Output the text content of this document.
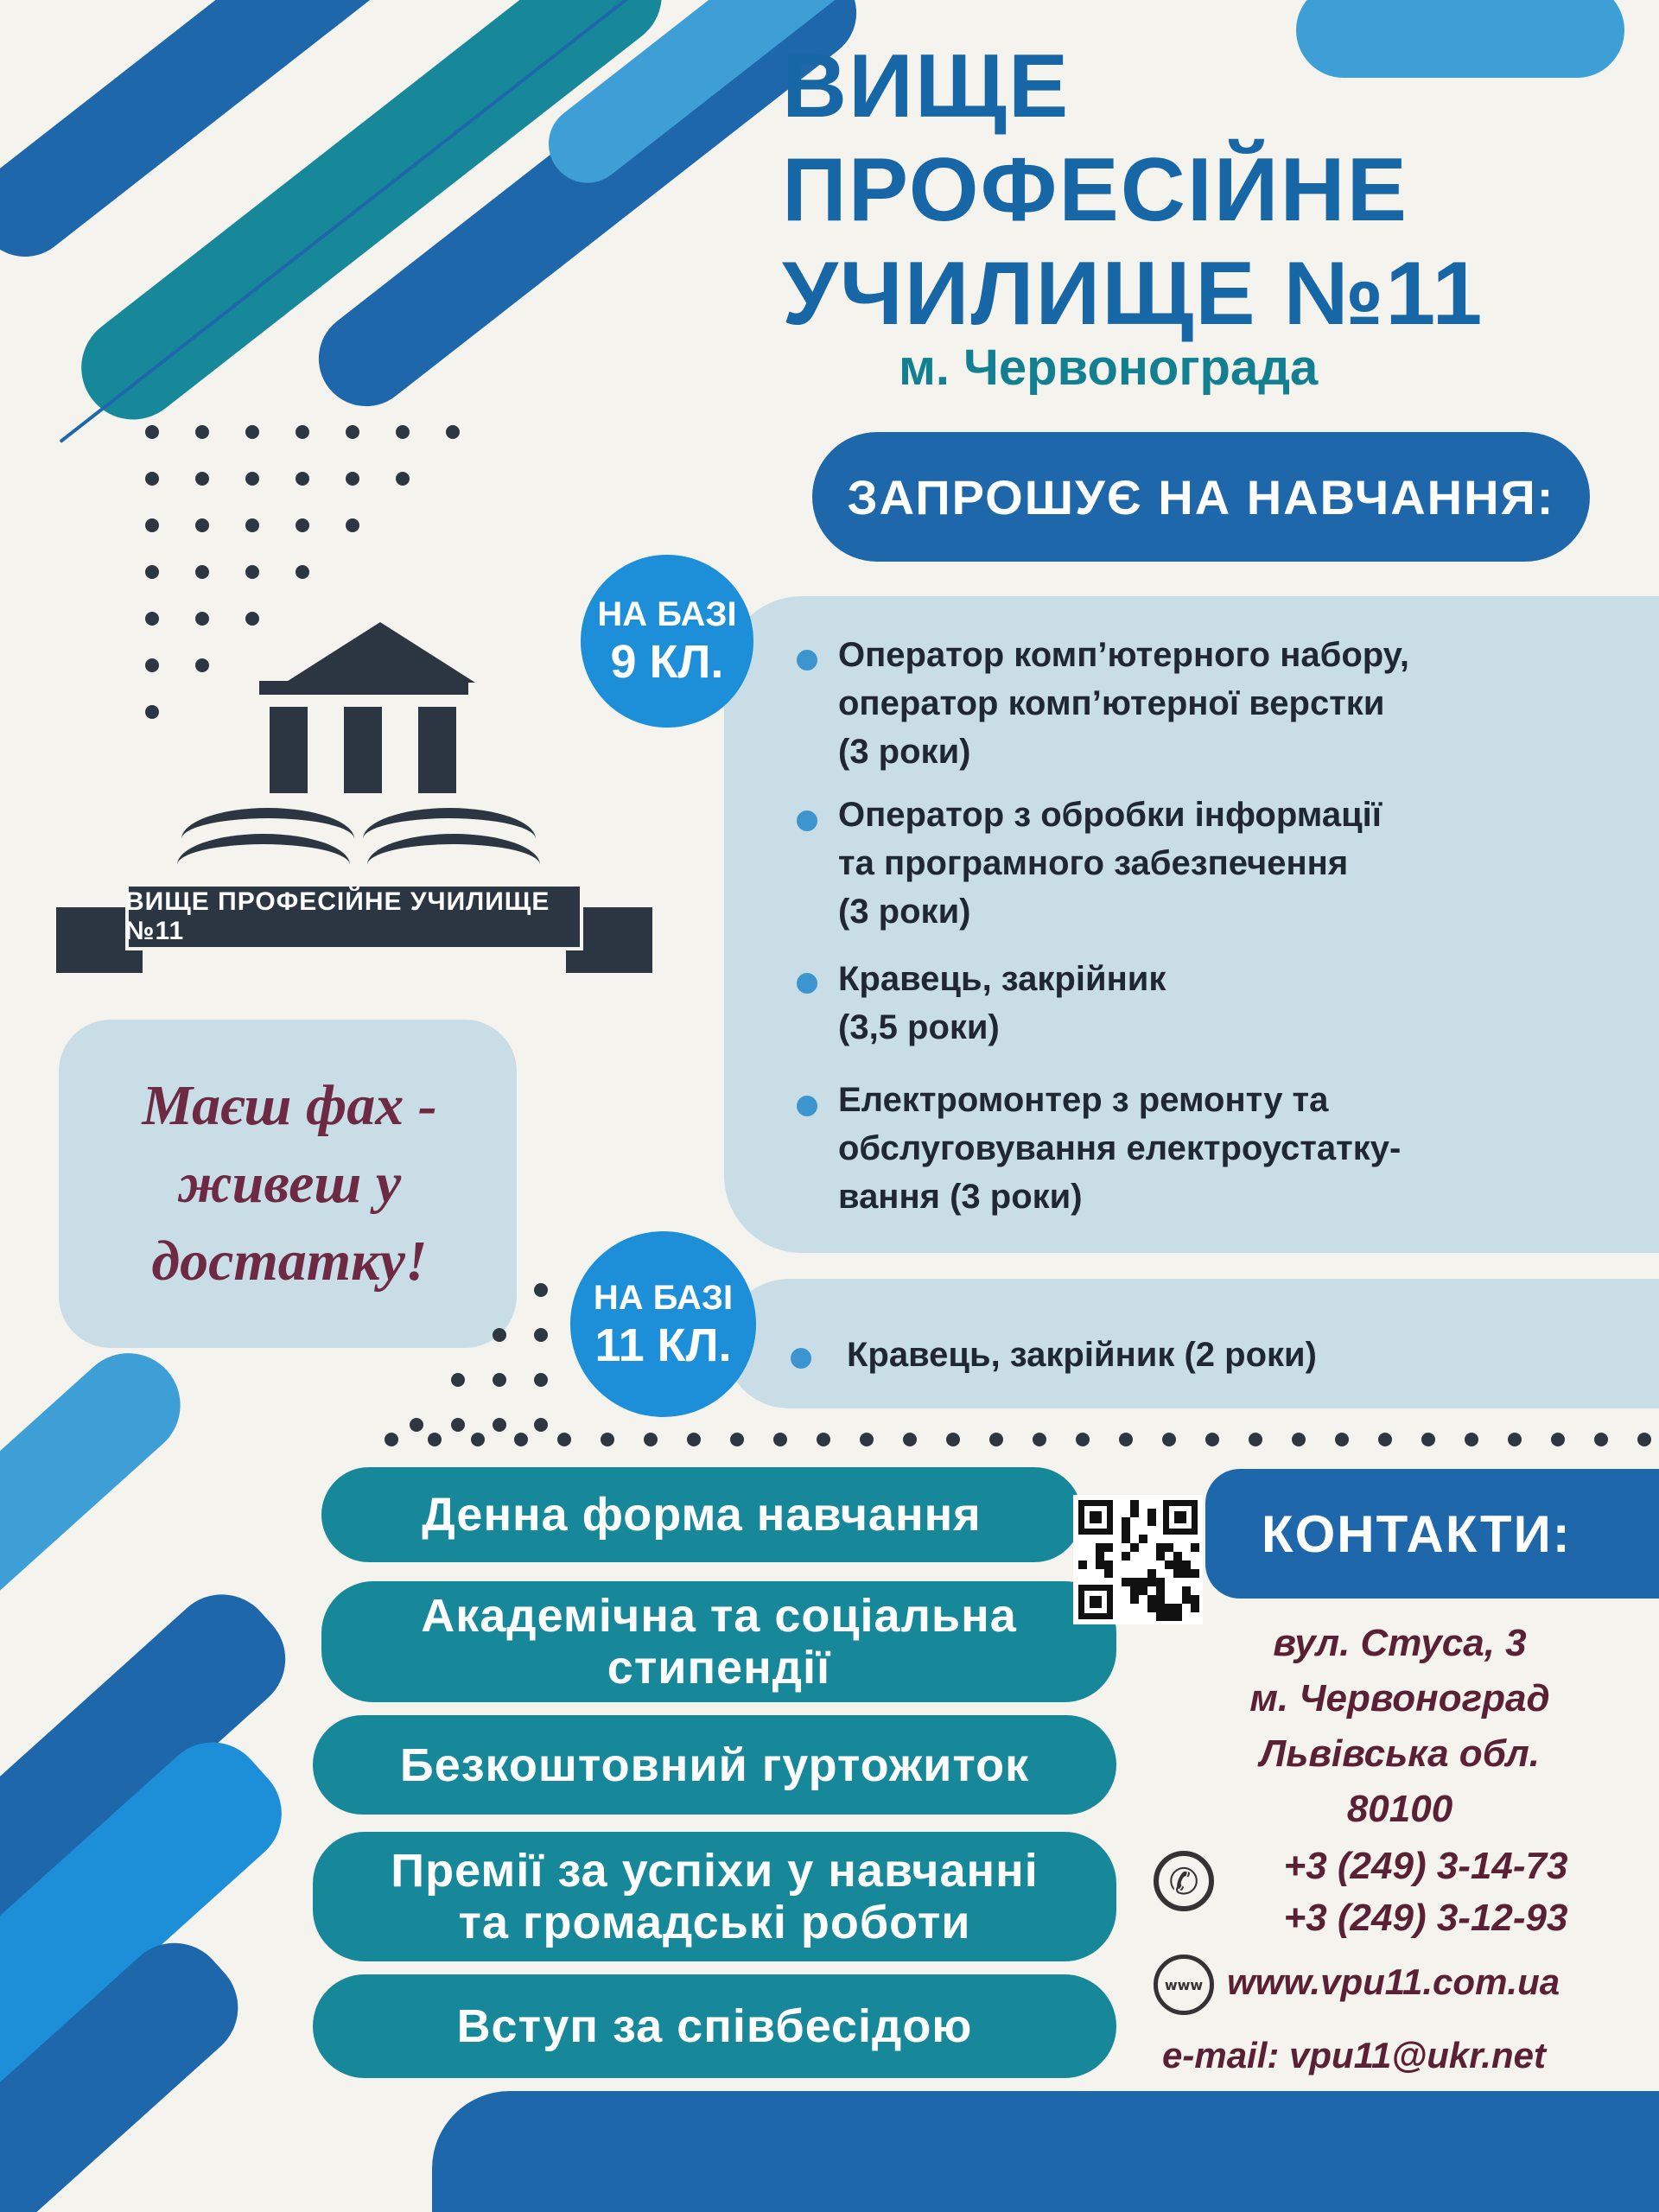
ВИЩЕ
ПРОФЕСІЙНЕ
УЧИЛИЩЕ №11
м. Червонограда
ЗАПРОШУЄ НА НАВЧАННЯ:
ВИЩЕ ПРОФЕСІЙНЕ УЧИЛИЩЕ №11
Маєш фах -
живеш у
достатку!
НА БАЗІ
9 КЛ.	Оператор комп’ютерного набору,
оператор комп’ютерної верстки
(3 роки)
Оператор з обробки інформації
та програмного забезпечення
(3 роки)
Кравець, закрійник
(3,5 роки)
Електромонтер з ремонту та
обслуговування електроустатку-
вання (3 роки)
НА БАЗІ
11 КЛ.	Кравець, закрійник (2 роки)
Денна форма навчання
Академічна та соціальна
стипендії
Безкоштовний гуртожиток
Премії за успіхи у навчанні
та громадські роботи
Вступ за співбесідою
КОНТАКТИ:
вул. Стуса, 3
м. Червоноград
Львівська обл.
80100
✆	+3 (249) 3-14-73
+3 (249) 3-12-93
www www.vpu11.com.ua
e-mail: vpu11@ukr.net
